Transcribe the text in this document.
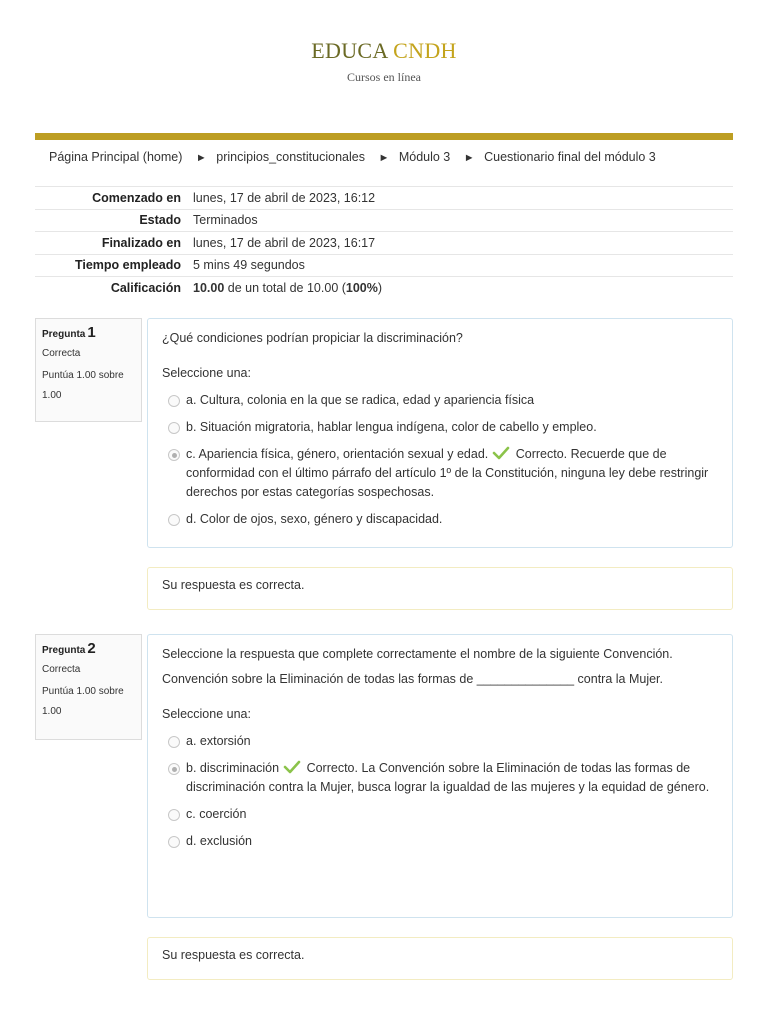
EDUCA CNDH
Cursos en línea
Página Principal (home) ► principios_constitucionales ► Módulo 3 ► Cuestionario final del módulo 3
Comenzado en	lunes, 17 de abril de 2023, 16:12
Estado	Terminados
Finalizado en	lunes, 17 de abril de 2023, 16:17
Tiempo empleado	5 mins 49 segundos
Calificación	10.00 de un total de 10.00 (100%)
Pregunta 1
Correcta
Puntúa 1.00 sobre 1.00
¿Qué condiciones podrían propiciar la discriminación?
Seleccione una:
a. Cultura, colonia en la que se radica, edad y apariencia física
b. Situación migratoria, hablar lengua indígena, color de cabello y empleo.
c. Apariencia física, género, orientación sexual y edad. Correcto. Recuerde que de conformidad con el último párrafo del artículo 1º de la Constitución, ninguna ley debe restringir derechos por estas categorías sospechosas.
d. Color de ojos, sexo, género y discapacidad.
Su respuesta es correcta.
Pregunta 2
Correcta
Puntúa 1.00 sobre 1.00
Seleccione la respuesta que complete correctamente el nombre de la siguiente Convención.
Convención sobre la Eliminación de todas las formas de ______________ contra la Mujer.
Seleccione una:
a. extorsión
b. discriminación Correcto. La Convención sobre la Eliminación de todas las formas de discriminación contra la Mujer, busca lograr la igualdad de las mujeres y la equidad de género.
c. coerción
d. exclusión
Su respuesta es correcta.
